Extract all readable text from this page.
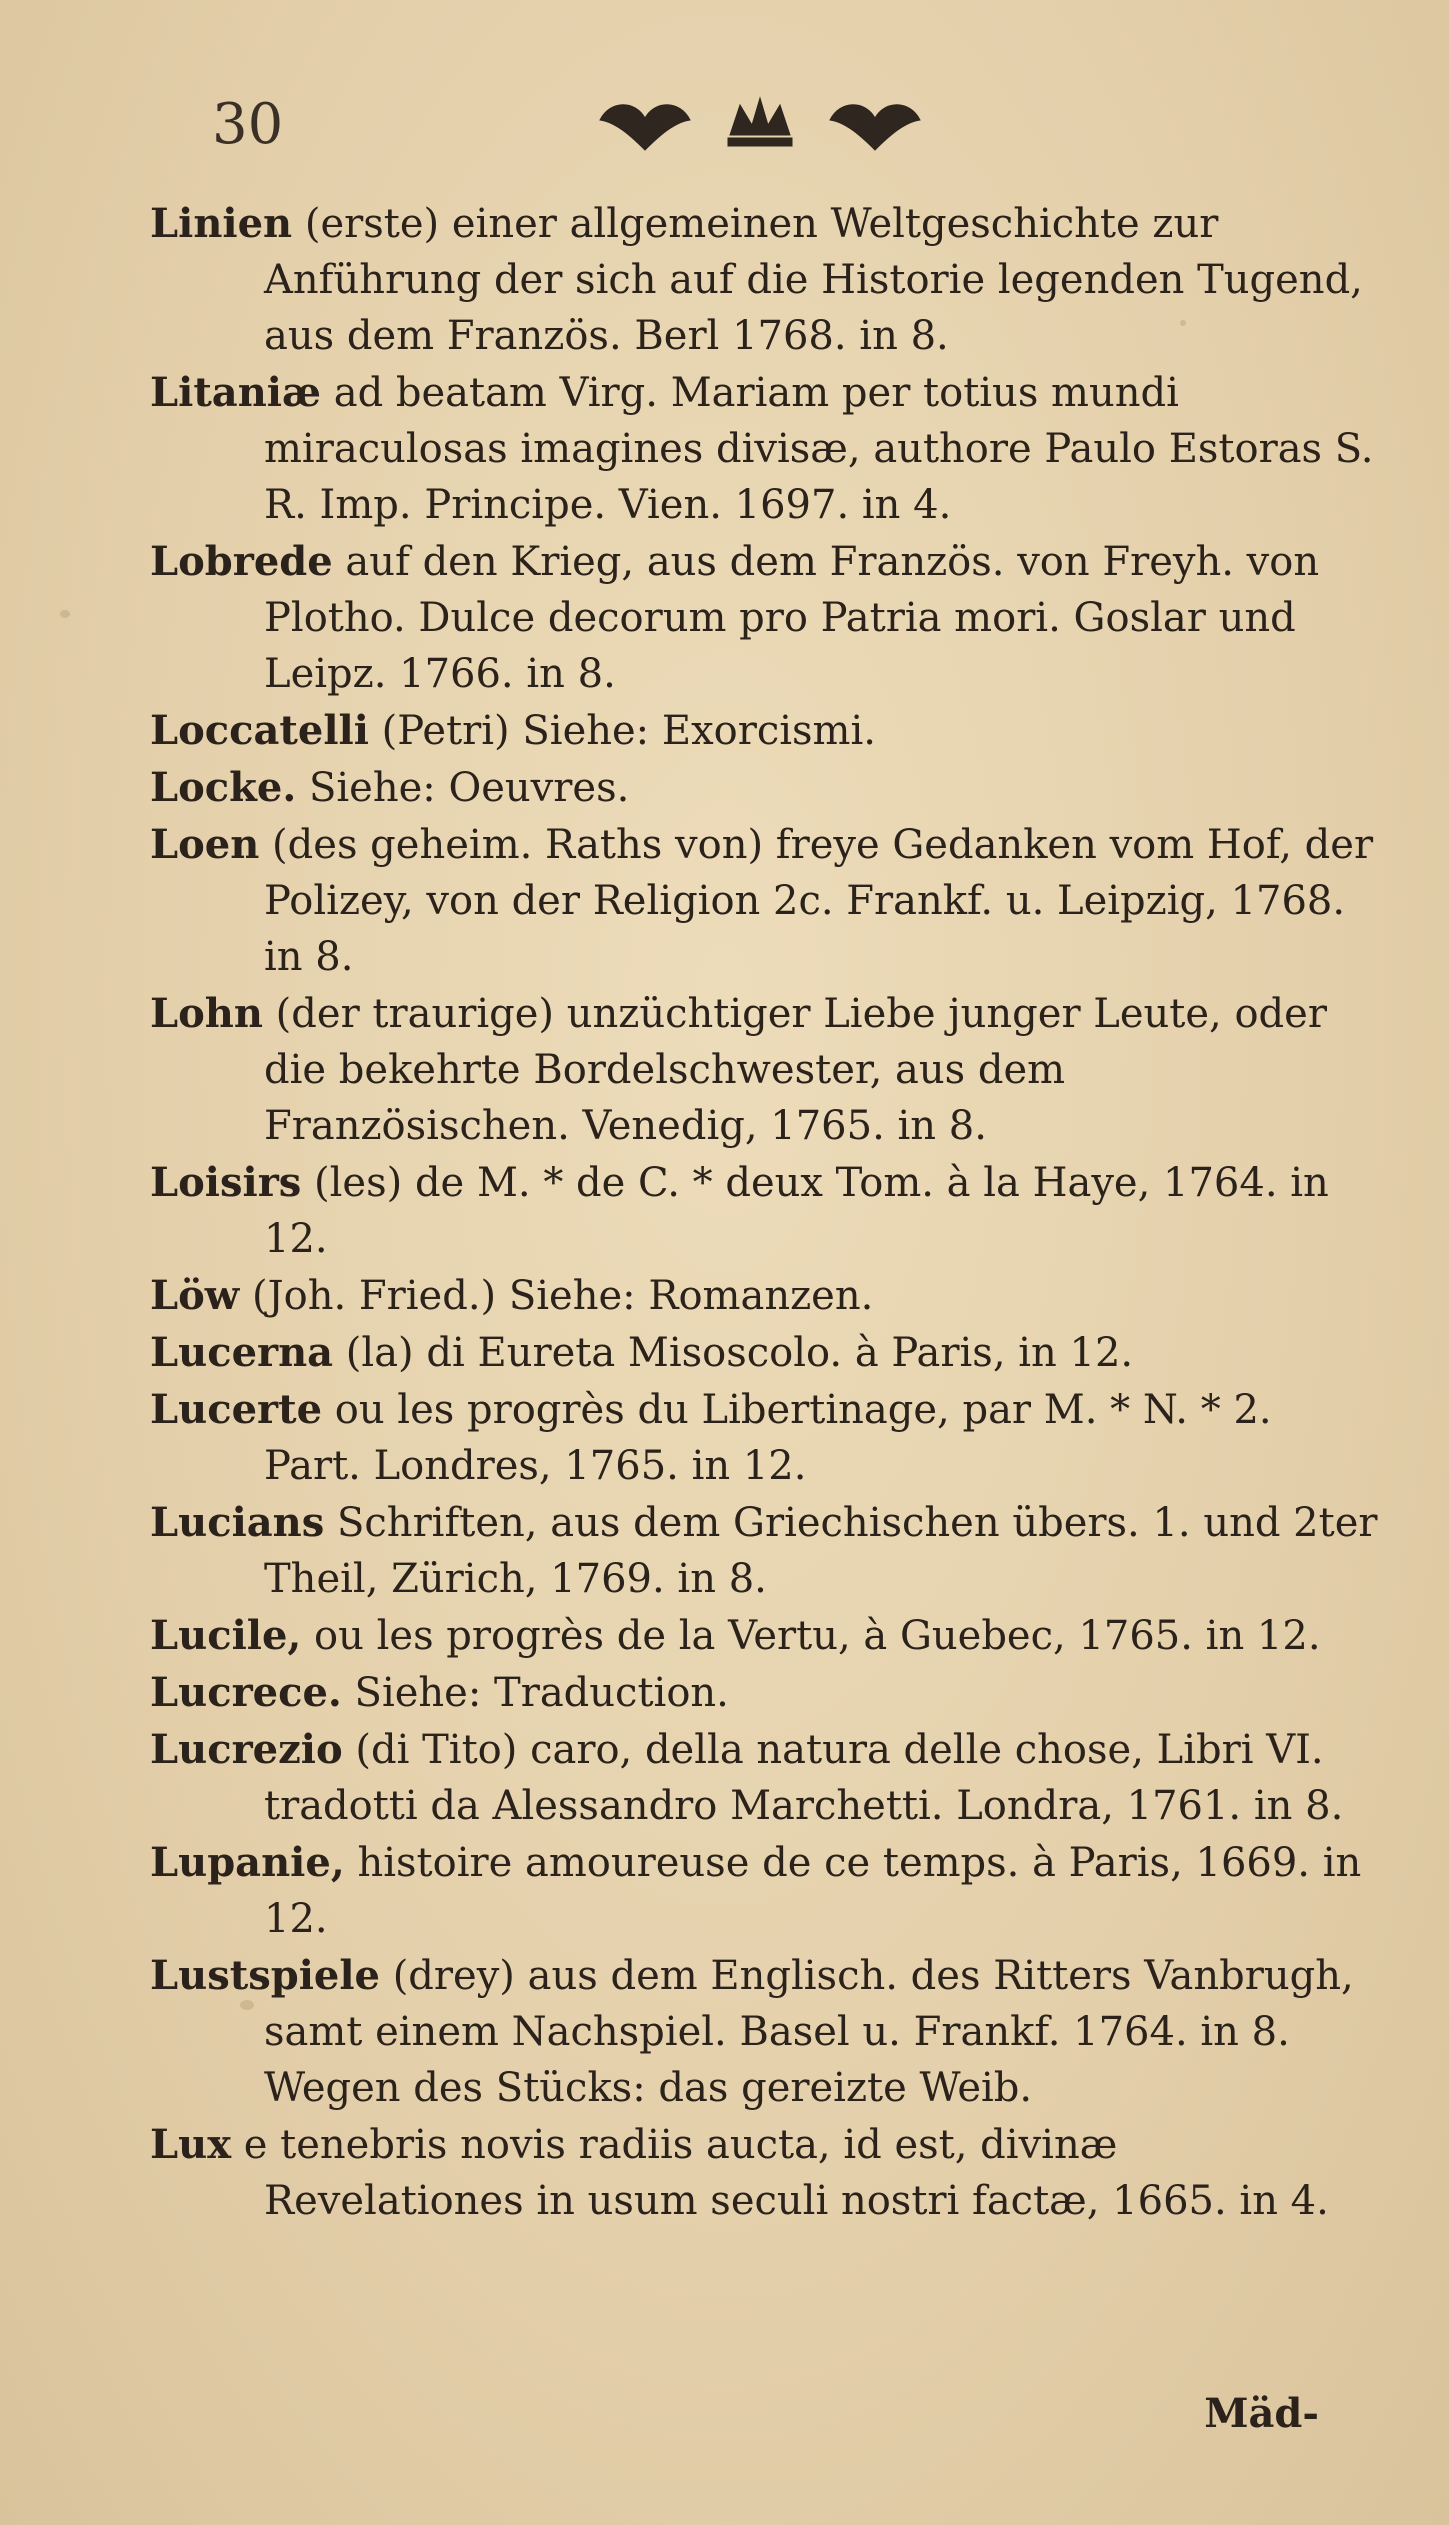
30

Linien (erste) einer allgemeinen Weltgeschichte zur Anführung der sich auf die Historie legenden Tugend, aus dem Französ. Berl 1768. in 8.

Litaniæ ad beatam Virg. Mariam per totius mundi miraculosas imagines divisæ, authore Paulo Estoras S. R. Imp. Principe. Vien. 1697. in 4.

Lobrede auf den Krieg, aus dem Französ. von Freyh. von Plotho. Dulce decorum pro Patria mori. Goslar und Leipz. 1766. in 8.

Loccatelli (Petri) Siehe: Exorcismi.

Locke. Siehe: Oeuvres.

Loen (des geheim. Raths von) freye Gedanken vom Hof, der Polizey, von der Religion 2c. Frankf. u. Leipzig, 1768. in 8.

Lohn (der traurige) unzüchtiger Liebe junger Leute, oder die bekehrte Bordelschwester, aus dem Französischen. Venedig, 1765. in 8.

Loisirs (les) de M. * de C. * deux Tom. à la Haye, 1764. in 12.

Löw (Joh. Fried.) Siehe: Romanzen.

Lucerna (la) di Eureta Misoscolo. à Paris, in 12.

Lucerte ou les progrès du Libertinage, par M. * N. * 2. Part. Londres, 1765. in 12.

Lucians Schriften, aus dem Griechischen übers. 1. und 2ter Theil, Zürich, 1769. in 8.

Lucile, ou les progrès de la Vertu, à Guebec, 1765. in 12.

Lucrece. Siehe: Traduction.

Lucrezio (di Tito) caro, della natura delle chose, Libri VI. tradotti da Alessandro Marchetti. Londra, 1761. in 8.

Lupanie, histoire amoureuse de ce temps. à Paris, 1669. in 12.

Lustspiele (drey) aus dem Englisch. des Ritters Vanbrugh, samt einem Nachspiel. Basel u. Frankf. 1764. in 8. Wegen des Stücks: das gereizte Weib.

Lux e tenebris novis radiis aucta, id est, divinæ Revelationes in usum seculi nostri factæ, 1665. in 4.

Mäd-
